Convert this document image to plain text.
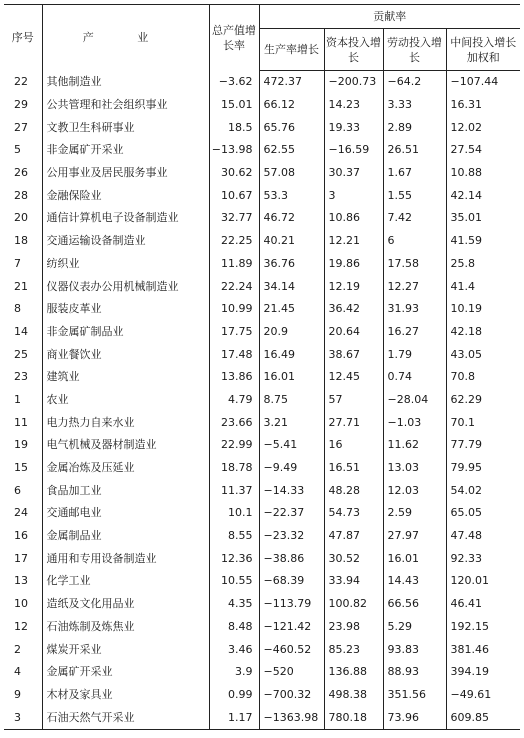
序号	产 业	总产值增长率	贡献率			
			生产率增长	资本投入增长	劳动投入增长	中间投入增长加权和
22	其他制造业	−3.62	472.37	−200.73	−64.2	−107.44
29	公共管理和社会组织事业	15.01	66.12	14.23	3.33	16.31
27	文教卫生科研事业	18.5	65.76	19.33	2.89	12.02
5	非金属矿开采业	−13.98	62.55	−16.59	26.51	27.54
26	公用事业及居民服务事业	30.62	57.08	30.37	1.67	10.88
28	金融保险业	10.67	53.3	3	1.55	42.14
20	通信计算机电子设备制造业	32.77	46.72	10.86	7.42	35.01
18	交通运输设备制造业	22.25	40.21	12.21	6	41.59
7	纺织业	11.89	36.76	19.86	17.58	25.8
21	仪器仪表办公用机械制造业	22.24	34.14	12.19	12.27	41.4
8	服装皮革业	10.99	21.45	36.42	31.93	10.19
14	非金属矿制品业	17.75	20.9	20.64	16.27	42.18
25	商业餐饮业	17.48	16.49	38.67	1.79	43.05
23	建筑业	13.86	16.01	12.45	0.74	70.8
1	农业	4.79	8.75	57	−28.04	62.29
11	电力热力自来水业	23.66	3.21	27.71	−1.03	70.1
19	电气机械及器材制造业	22.99	−5.41	16	11.62	77.79
15	金属冶炼及压延业	18.78	−9.49	16.51	13.03	79.95
6	食品加工业	11.37	−14.33	48.28	12.03	54.02
24	交通邮电业	10.1	−22.37	54.73	2.59	65.05
16	金属制品业	8.55	−23.32	47.87	27.97	47.48
17	通用和专用设备制造业	12.36	−38.86	30.52	16.01	92.33
13	化学工业	10.55	−68.39	33.94	14.43	120.01
10	造纸及文化用品业	4.35	−113.79	100.82	66.56	46.41
12	石油炼制及炼焦业	8.48	−121.42	23.98	5.29	192.15
2	煤炭开采业	3.46	−460.52	85.23	93.83	381.46
4	金属矿开采业	3.9	−520	136.88	88.93	394.19
9	木材及家具业	0.99	−700.32	498.38	351.56	−49.61
3	石油天然气开采业	1.17	−1363.98	780.18	73.96	609.85
